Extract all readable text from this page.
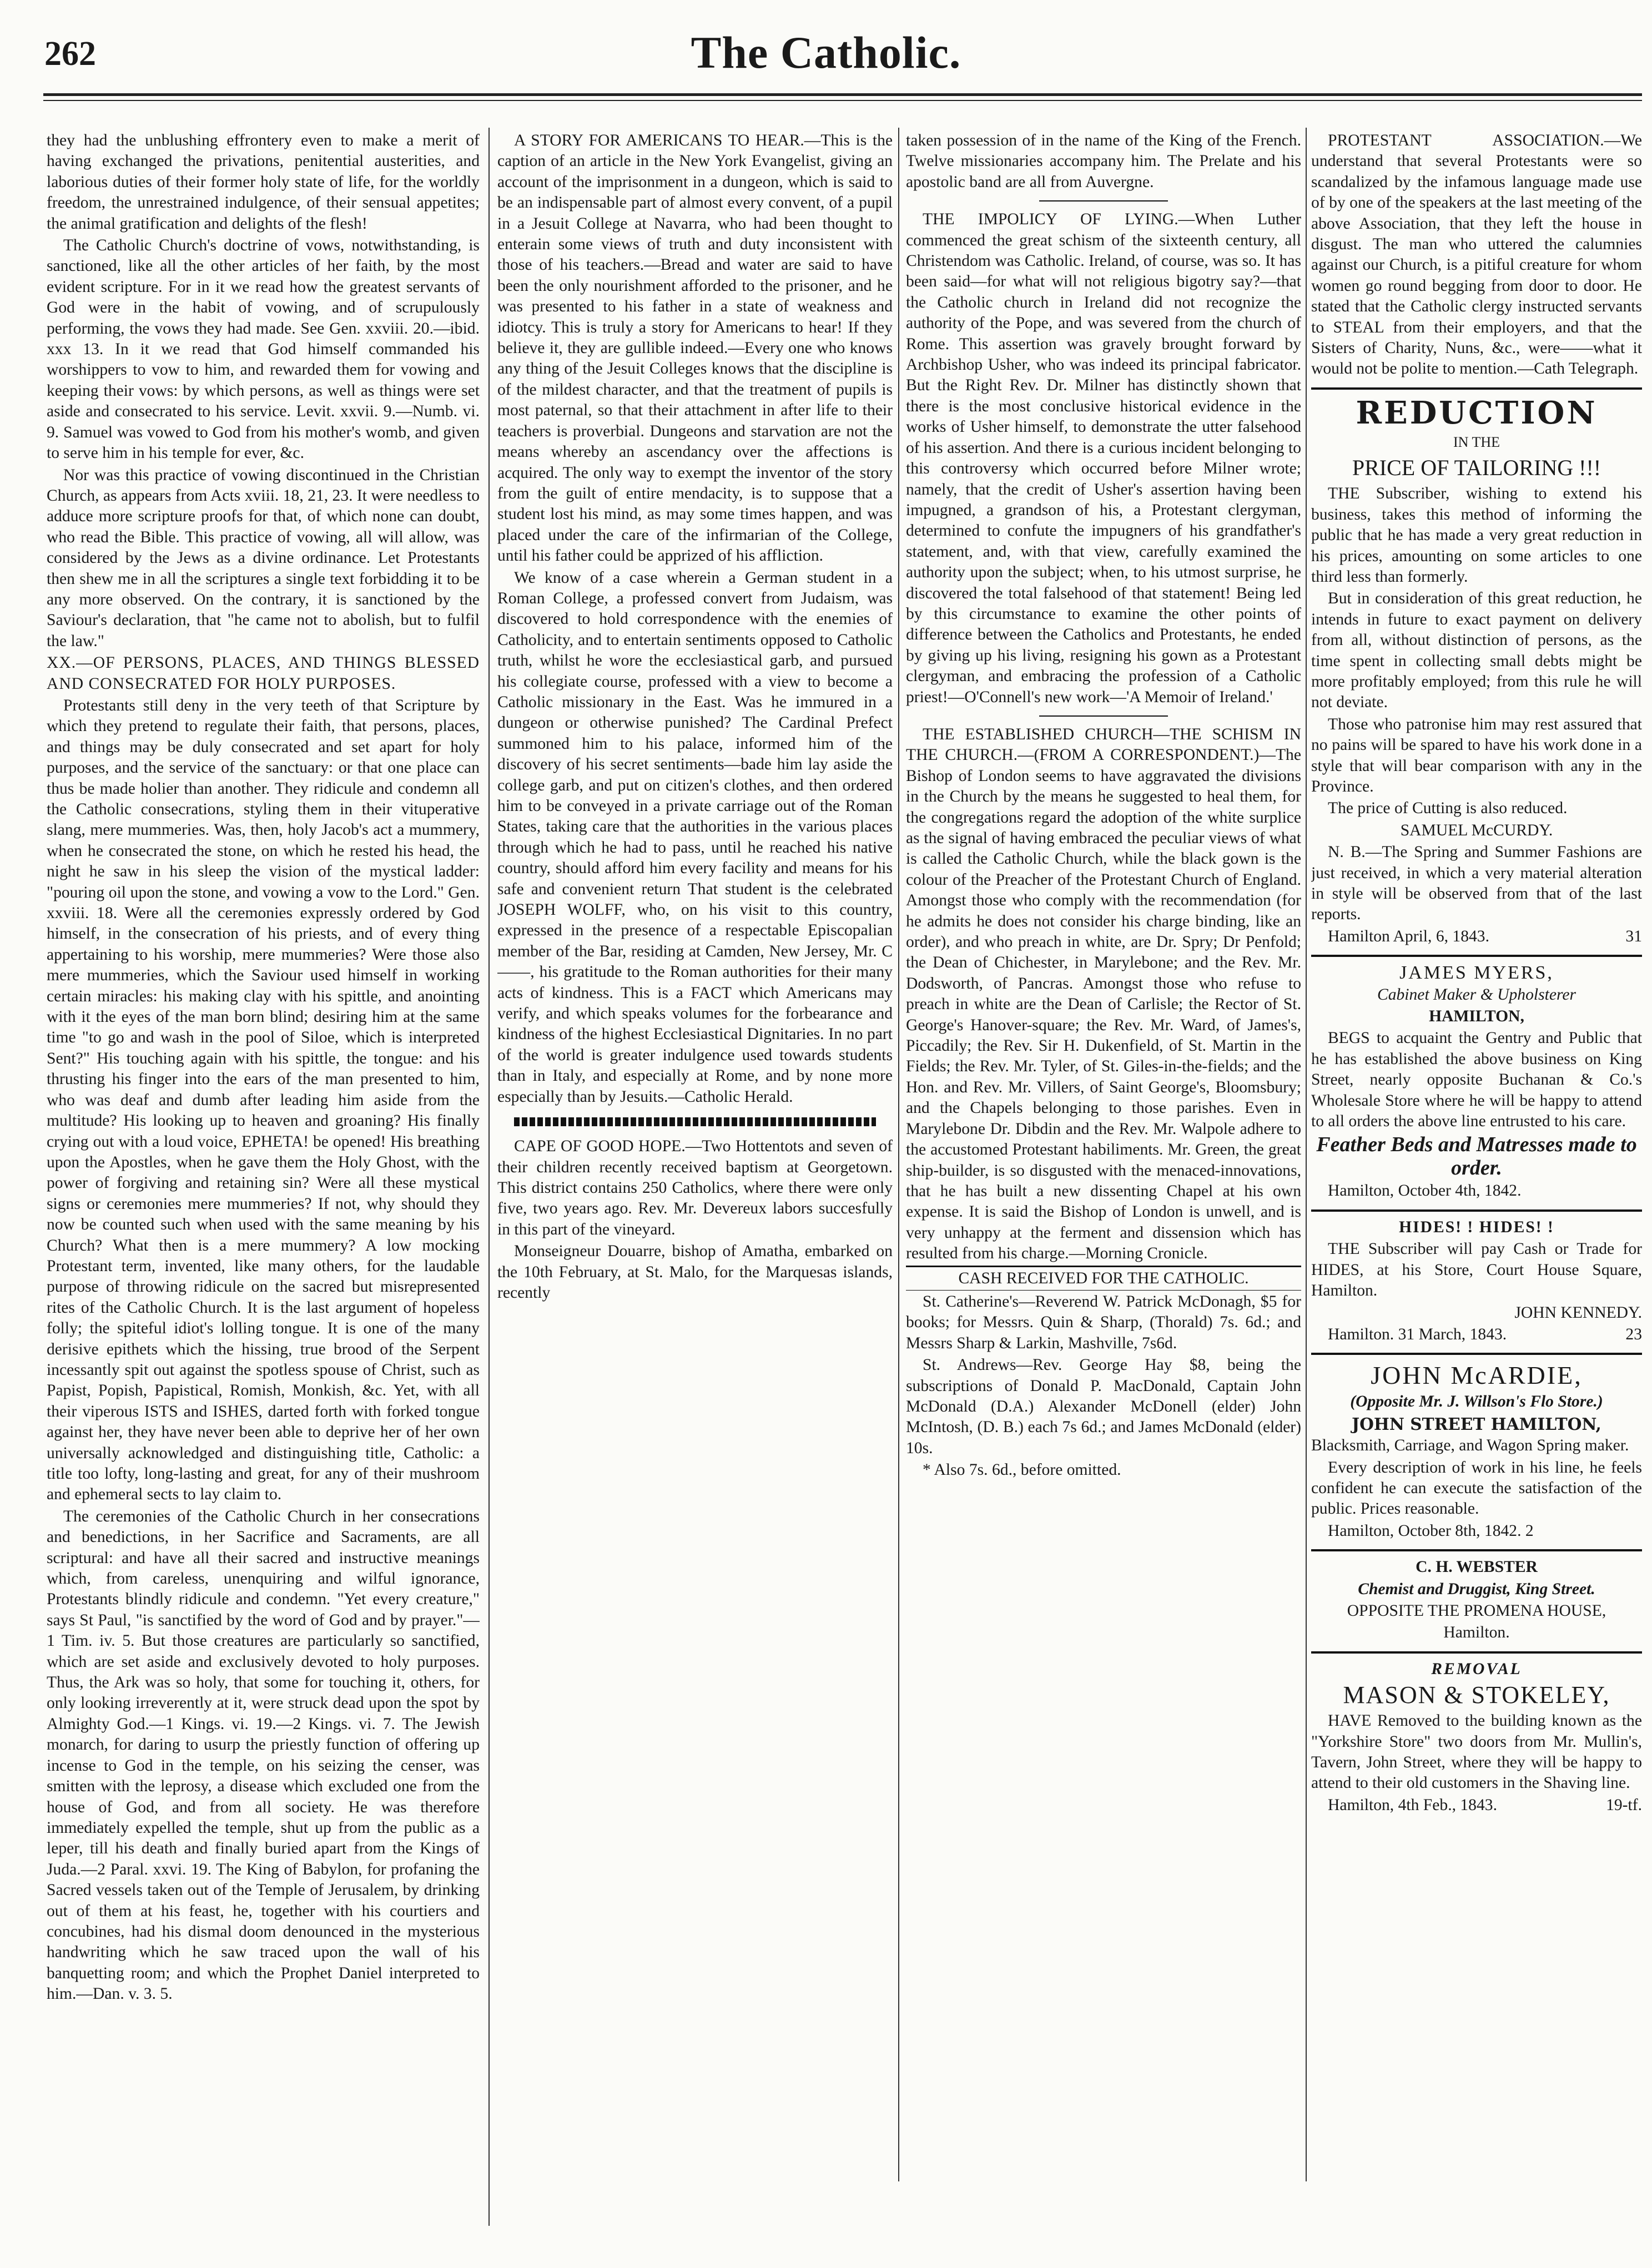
262	The Catholic.

they had the unblushing effrontery even to make a merit of having exchanged the privations, penitential austerities, and laborious duties of their former holy state of life, for the worldly freedom, the unrestrained indulgence, of their sensual appetites; the animal gratification and delights of the flesh!

The Catholic Church's doctrine of vows, notwithstanding, is sanctioned, like all the other articles of her faith, by the most evident scripture. For in it we read how the greatest servants of God were in the habit of vowing, and of scrupulously performing, the vows they had made. See Gen. xxviii. 20.—ibid. xxx 13. In it we read that God himself commanded his worshippers to vow to him, and rewarded them for vowing and keeping their vows: by which persons, as well as things were set aside and consecrated to his service. Levit. xxvii. 9.—Numb. vi. 9. Samuel was vowed to God from his mother's womb, and given to serve him in his temple for ever, &c.

Nor was this practice of vowing discontinued in the Christian Church, as appears from Acts xviii. 18, 21, 23. It were needless to adduce more scripture proofs for that, of which none can doubt, who read the Bible. This practice of vowing, all will allow, was considered by the Jews as a divine ordinance. Let Protestants then shew me in all the scriptures a single text forbidding it to be any more observed. On the contrary, it is sanctioned by the Saviour's declaration, that "he came not to abolish, but to fulfil the law."

XX.—OF PERSONS, PLACES, AND THINGS BLESSED AND CONSECRATED FOR HOLY PURPOSES.

Protestants still deny in the very teeth of that Scripture by which they pretend to regulate their faith, that persons, places, and things may be duly consecrated and set apart for holy purposes, and the service of the sanctuary: or that one place can thus be made holier than another. They ridicule and condemn all the Catholic consecrations, styling them in their vituperative slang, mere mummeries. Was, then, holy Jacob's act a mummery, when he consecrated the stone, on which he rested his head, the night he saw in his sleep the vision of the mystical ladder: "pouring oil upon the stone, and vowing a vow to the Lord." Gen. xxviii. 18. Were all the ceremonies expressly ordered by God himself, in the consecration of his priests, and of every thing appertaining to his worship, mere mummeries? Were those also mere mummeries, which the Saviour used himself in working certain miracles: his making clay with his spittle, and anointing with it the eyes of the man born blind; desiring him at the same time "to go and wash in the pool of Siloe, which is interpreted Sent?" His touching again with his spittle, the tongue: and his thrusting his finger into the ears of the man presented to him, who was deaf and dumb after leading him aside from the multitude? His looking up to heaven and groaning? His finally crying out with a loud voice, EPHETA! be opened! His breathing upon the Apostles, when he gave them the Holy Ghost, with the power of forgiving and retaining sin? Were all these mystical signs or ceremonies mere mummeries? If not, why should they now be counted such when used with the same meaning by his Church? What then is a mere mummery? A low mocking Protestant term, invented, like many others, for the laudable purpose of throwing ridicule on the sacred but misrepresented rites of the Catholic Church. It is the last argument of hopeless folly; the spiteful idiot's lolling tongue. It is one of the many derisive epithets which the hissing, true brood of the Serpent incessantly spit out against the spotless spouse of Christ, such as Papist, Popish, Papistical, Romish, Monkish, &c. Yet, with all their viperous ISTS and ISHES, darted forth with forked tongue against her, they have never been able to deprive her of her own universally acknowledged and distinguishing title, Catholic: a title too lofty, long-lasting and great, for any of their mushroom and ephemeral sects to lay claim to.

The ceremonies of the Catholic Church in her consecrations and benedictions, in her Sacrifice and Sacraments, are all scriptural: and have all their sacred and instructive meanings which, from careless, unenquiring and wilful ignorance, Protestants blindly ridicule and condemn. "Yet every creature," says St Paul, "is sanctified by the word of God and by prayer."—1 Tim. iv. 5. But those creatures are particularly so sanctified, which are set aside and exclusively devoted to holy purposes. Thus, the Ark was so holy, that some for touching it, others, for only looking irreverently at it, were struck dead upon the spot by Almighty God.—1 Kings. vi. 19.—2 Kings. vi. 7. The Jewish monarch, for daring to usurp the priestly function of offering up incense to God in the temple, on his seizing the censer, was smitten with the leprosy, a disease which excluded one from the house of God, and from all society. He was therefore immediately expelled the temple, shut up from the public as a leper, till his death and finally buried apart from the Kings of Juda.—2 Paral. xxvi. 19. The King of Babylon, for profaning the Sacred vessels taken out of the Temple of Jerusalem, by drinking out of them at his feast, he, together with his courtiers and concubines, had his dismal doom denounced in the mysterious handwriting which he saw traced upon the wall of his banquetting room; and which the Prophet Daniel interpreted to him.—Dan. v. 3. 5.

A STORY FOR AMERICANS TO HEAR.—This is the caption of an article in the New York Evangelist, giving an account of the imprisonment in a dungeon, which is said to be an indispensable part of almost every convent, of a pupil in a Jesuit College at Navarra, who had been thought to enterain some views of truth and duty inconsistent with those of his teachers.—Bread and water are said to have been the only nourishment afforded to the prisoner, and he was presented to his father in a state of weakness and idiotcy. This is truly a story for Americans to hear! If they believe it, they are gullible indeed.—Every one who knows any thing of the Jesuit Colleges knows that the discipline is of the mildest character, and that the treatment of pupils is most paternal, so that their attachment in after life to their teachers is proverbial. Dungeons and starvation are not the means whereby an ascendancy over the affections is acquired. The only way to exempt the inventor of the story from the guilt of entire mendacity, is to suppose that a student lost his mind, as may some times happen, and was placed under the care of the infirmarian of the College, until his father could be apprized of his affliction.

We know of a case wherein a German student in a Roman College, a professed convert from Judaism, was discovered to hold correspondence with the enemies of Catholicity, and to entertain sentiments opposed to Catholic truth, whilst he wore the ecclesiastical garb, and pursued his collegiate course, professed with a view to become a Catholic missionary in the East. Was he immured in a dungeon or otherwise punished? The Cardinal Prefect summoned him to his palace, informed him of the discovery of his secret sentiments—bade him lay aside the college garb, and put on citizen's clothes, and then ordered him to be conveyed in a private carriage out of the Roman States, taking care that the authorities in the various places through which he had to pass, until he reached his native country, should afford him every facility and means for his safe and convenient return That student is the celebrated JOSEPH WOLFF, who, on his visit to this country, expressed in the presence of a respectable Episcopalian member of the Bar, residing at Camden, New Jersey, Mr. C——, his gratitude to the Roman authorities for their many acts of kindness. This is a FACT which Americans may verify, and which speaks volumes for the forbearance and kindness of the highest Ecclesiastical Dignitaries. In no part of the world is greater indulgence used towards students than in Italy, and especially at Rome, and by none more especially than by Jesuits.—Catholic Herald.

CAPE OF GOOD HOPE.—Two Hottentots and seven of their children recently received baptism at Georgetown. This district contains 250 Catholics, where there were only five, two years ago. Rev. Mr. Devereux labors succesfully in this part of the vineyard.

Monseigneur Douarre, bishop of Amatha, embarked on the 10th February, at St. Malo, for the Marquesas islands, recently

taken possession of in the name of the King of the French. Twelve missionaries accompany him. The Prelate and his apostolic band are all from Auvergne.

THE IMPOLICY OF LYING.—When Luther commenced the great schism of the sixteenth century, all Christendom was Catholic. Ireland, of course, was so. It has been said—for what will not religious bigotry say?—that the Catholic church in Ireland did not recognize the authority of the Pope, and was severed from the church of Rome. This assertion was gravely brought forward by Archbishop Usher, who was indeed its principal fabricator. But the Right Rev. Dr. Milner has distinctly shown that there is the most conclusive historical evidence in the works of Usher himself, to demonstrate the utter falsehood of his assertion. And there is a curious incident belonging to this controversy which occurred before Milner wrote; namely, that the credit of Usher's assertion having been impugned, a grandson of his, a Protestant clergyman, determined to confute the impugners of his grandfather's statement, and, with that view, carefully examined the authority upon the subject; when, to his utmost surprise, he discovered the total falsehood of that statement! Being led by this circumstance to examine the other points of difference between the Catholics and Protestants, he ended by giving up his living, resigning his gown as a Protestant clergyman, and embracing the profession of a Catholic priest!—O'Connell's new work—'A Memoir of Ireland.'

THE ESTABLISHED CHURCH—THE SCHISM IN THE CHURCH.—(FROM A CORRESPONDENT.)—The Bishop of London seems to have aggravated the divisions in the Church by the means he suggested to heal them, for the congregations regard the adoption of the white surplice as the signal of having embraced the peculiar views of what is called the Catholic Church, while the black gown is the colour of the Preacher of the Protestant Church of England. Amongst those who comply with the recommendation (for he admits he does not consider his charge binding, like an order), and who preach in white, are Dr. Spry; Dr Penfold; the Dean of Chichester, in Marylebone; and the Rev. Mr. Dodsworth, of Pancras. Amongst those who refuse to preach in white are the Dean of Carlisle; the Rector of St. George's Hanover-square; the Rev. Mr. Ward, of James's, Piccadily; the Rev. Sir H. Dukenfield, of St. Martin in the Fields; the Rev. Mr. Tyler, of St. Giles-in-the-fields; and the Hon. and Rev. Mr. Villers, of Saint George's, Bloomsbury; and the Chapels belonging to those parishes. Even in Marylebone Dr. Dibdin and the Rev. Mr. Walpole adhere to the accustomed Protestant habiliments. Mr. Green, the great ship-builder, is so disgusted with the menaced-innovations, that he has built a new dissenting Chapel at his own expense. It is said the Bishop of London is unwell, and is very unhappy at the ferment and dissension which has resulted from his charge.—Morning Cronicle.

CASH RECEIVED FOR THE CATHOLIC.

St. Catherine's—Reverend W. Patrick McDonagh, $5 for books; for Messrs. Quin & Sharp, (Thorald) 7s. 6d.; and Messrs Sharp & Larkin, Mashville, 7s6d.

St. Andrews—Rev. George Hay $8, being the subscriptions of Donald P. MacDonald, Captain John McDonald (D.A.) Alexander McDonell (elder) John McIntosh, (D. B.) each 7s 6d.; and James McDonald (elder) 10s.

* Also 7s. 6d., before omitted.

PROTESTANT ASSOCIATION.—We understand that several Protestants were so scandalized by the infamous language made use of by one of the speakers at the last meeting of the above Association, that they left the house in disgust. The man who uttered the calumnies against our Church, is a pitiful creature for whom women go round begging from door to door. He stated that the Catholic clergy instructed servants to STEAL from their employers, and that the Sisters of Charity, Nuns, &c., were——what it would not be polite to mention.—Cath Telegraph.

REDUCTION

IN THE

PRICE OF TAILORING !!!

THE Subscriber, wishing to extend his business, takes this method of informing the public that he has made a very great reduction in his prices, amounting on some articles to one third less than formerly.

But in consideration of this great reduction, he intends in future to exact payment on delivery from all, without distinction of persons, as the time spent in collecting small debts might be more profitably employed; from this rule he will not deviate.

Those who patronise him may rest assured that no pains will be spared to have his work done in a style that will bear comparison with any in the Province.

The price of Cutting is also reduced.

SAMUEL McCURDY.

N. B.—The Spring and Summer Fashions are just received, in which a very material alteration in style will be observed from that of the last reports.

Hamilton April, 6, 1843.	31

JAMES MYERS,

Cabinet Maker & Upholsterer

HAMILTON,

BEGS to acquaint the Gentry and Public that he has established the above business on King Street, nearly opposite Buchanan & Co.'s Wholesale Store where he will be happy to attend to all orders the above line entrusted to his care.

Feather Beds and Matresses made to order.

Hamilton, October 4th, 1842.

HIDES! ! HIDES! !

THE Subscriber will pay Cash or Trade for HIDES, at his Store, Court House Square, Hamilton.

JOHN KENNEDY.

Hamilton. 31 March, 1843.	23

JOHN McARDIE,

(Opposite Mr. J. Willson's Flo Store.)

JOHN STREET HAMILTON,

Blacksmith, Carriage, and Wagon Spring maker.

Every description of work in his line, he feels confident he can execute the satisfaction of the public. Prices reasonable.

Hamilton, October 8th, 1842. 2

C. H. WEBSTER

Chemist and Druggist, King Street.

OPPOSITE THE PROMENA HOUSE,

Hamilton.

REMOVAL

MASON & STOKELEY,

HAVE Removed to the building known as the "Yorkshire Store" two doors from Mr. Mullin's, Tavern, John Street, where they will be happy to attend to their old customers in the Shaving line.

Hamilton, 4th Feb., 1843.	19-tf.
